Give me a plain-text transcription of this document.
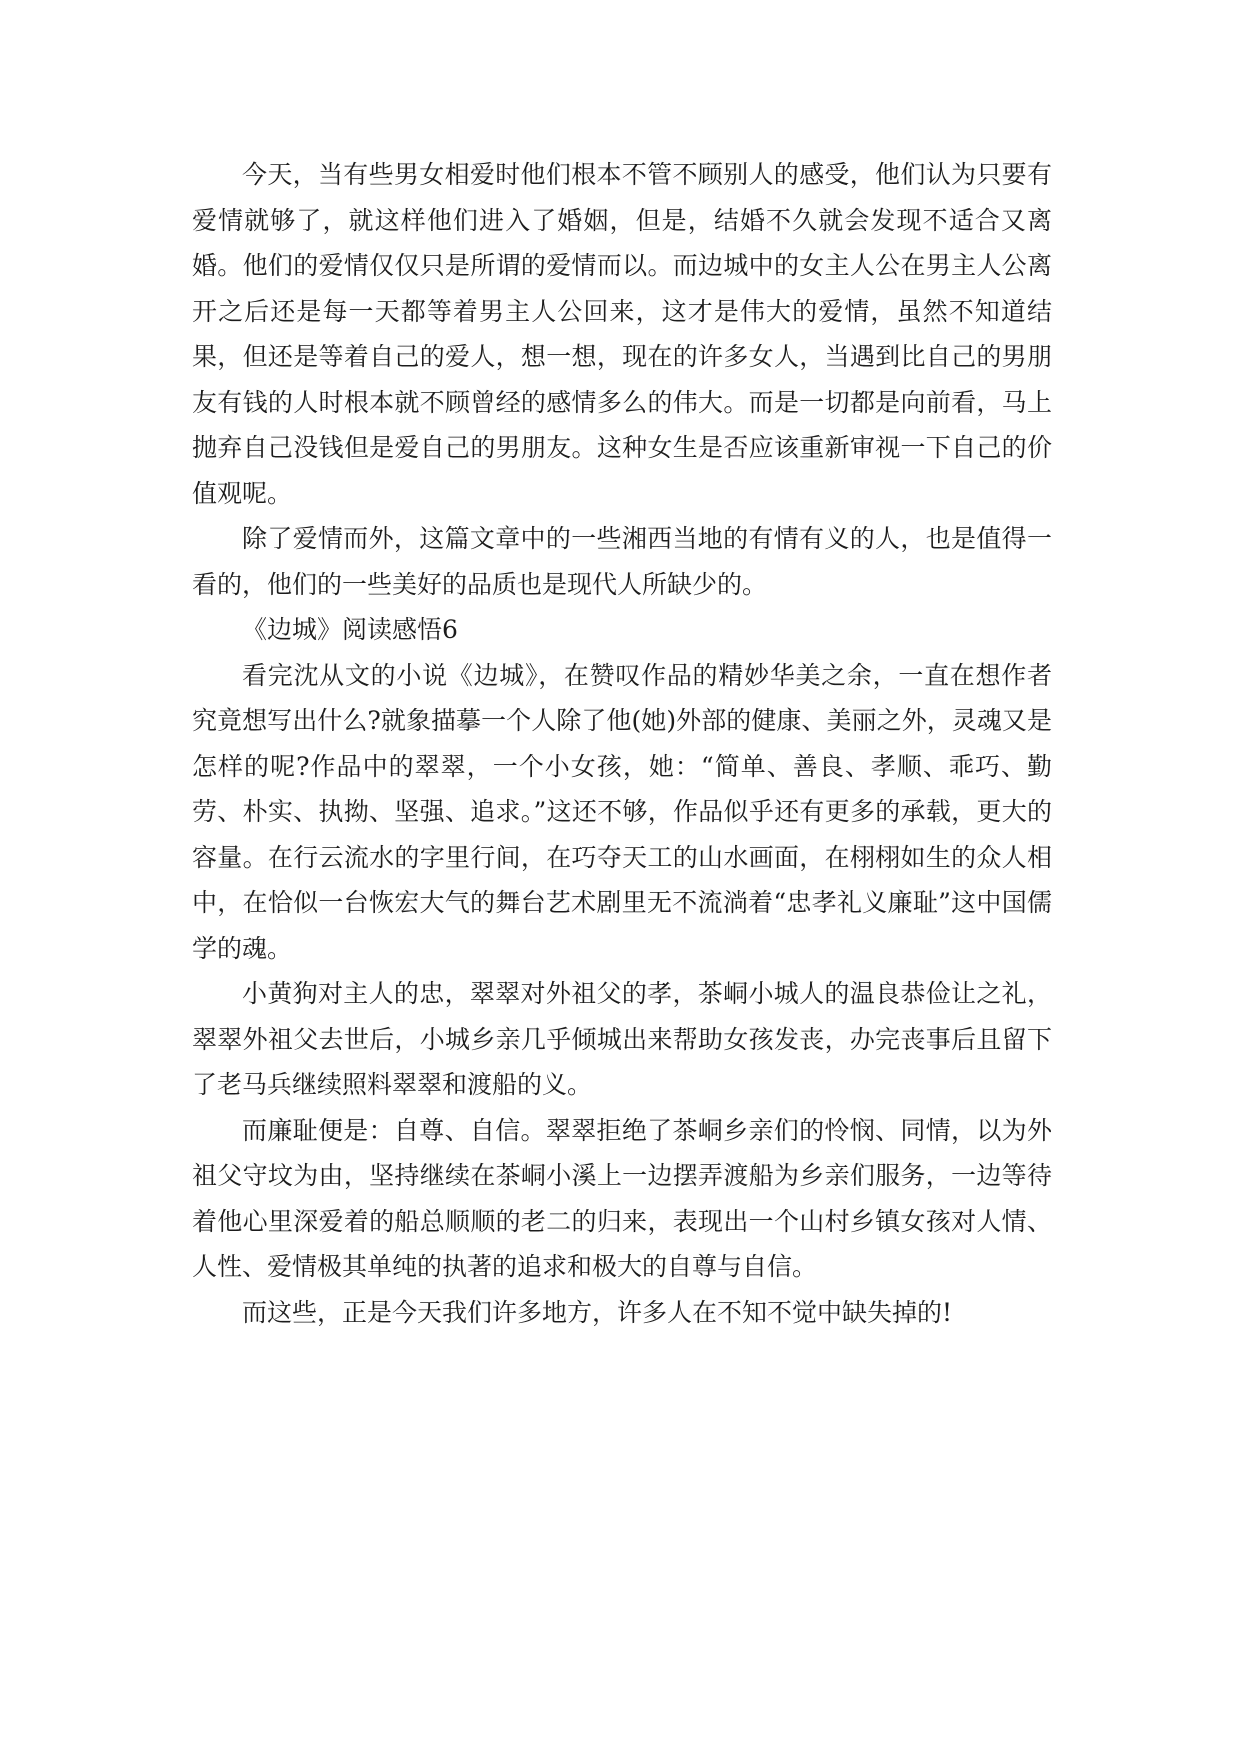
今天，当有些男女相爱时他们根本不管不顾别人的感受，他们认为只要有爱情就够了，就这样他们进入了婚姻，但是，结婚不久就会发现不适合又离婚。他们的爱情仅仅只是所谓的爱情而以。而边城中的女主人公在男主人公离开之后还是每一天都等着男主人公回来，这才是伟大的爱情，虽然不知道结果，但还是等着自己的爱人，想一想，现在的许多女人，当遇到比自己的男朋友有钱的人时根本就不顾曾经的感情多么的伟大。而是一切都是向前看，马上抛弃自己没钱但是爱自己的男朋友。这种女生是否应该重新审视一下自己的价值观呢。

除了爱情而外，这篇文章中的一些湘西当地的有情有义的人，也是值得一看的，他们的一些美好的品质也是现代人所缺少的。

《边城》阅读感悟6

看完沈从文的小说《边城》，在赞叹作品的精妙华美之余，一直在想作者究竟想写出什么?就象描摹一个人除了他(她)外部的健康、美丽之外，灵魂又是怎样的呢?作品中的翠翠，一个小女孩，她：“简单、善良、孝顺、乖巧、勤劳、朴实、执拗、坚强、追求。”这还不够，作品似乎还有更多的承载，更大的容量。在行云流水的字里行间，在巧夺天工的山水画面，在栩栩如生的众人相中，在恰似一台恢宏大气的舞台艺术剧里无不流淌着“忠孝礼义廉耻”这中国儒学的魂。

小黄狗对主人的忠，翠翠对外祖父的孝，茶峒小城人的温良恭俭让之礼，翠翠外祖父去世后，小城乡亲几乎倾城出来帮助女孩发丧，办完丧事后且留下了老马兵继续照料翠翠和渡船的义。

而廉耻便是：自尊、自信。翠翠拒绝了茶峒乡亲们的怜悯、同情，以为外祖父守坟为由，坚持继续在茶峒小溪上一边摆弄渡船为乡亲们服务，一边等待着他心里深爱着的船总顺顺的老二的归来，表现出一个山村乡镇女孩对人情、人性、爱情极其单纯的执著的追求和极大的自尊与自信。

而这些，正是今天我们许多地方，许多人在不知不觉中缺失掉的!
